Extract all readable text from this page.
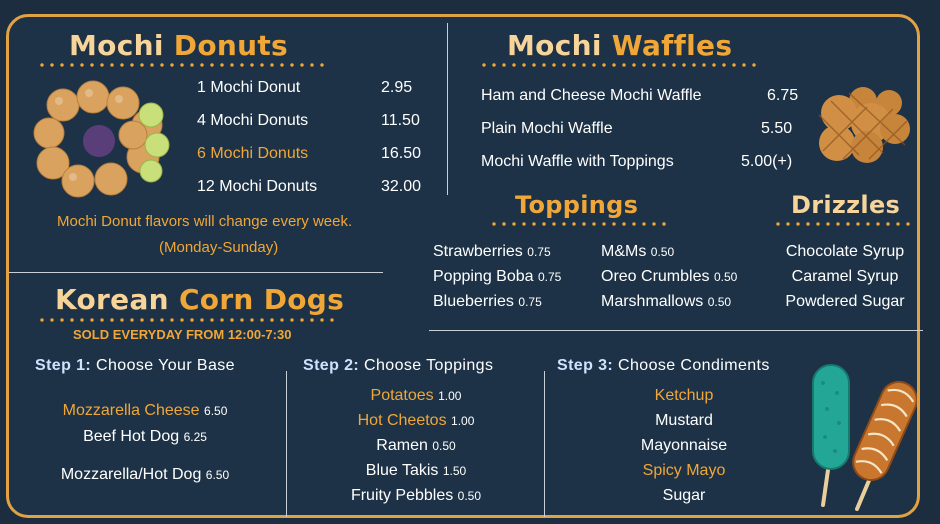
Mochi Donuts
1 Mochi Donut	2.95
4 Mochi Donuts	11.50
6 Mochi Donuts	16.50
12 Mochi Donuts	32.00
Mochi Donut flavors will change every week.
(Monday-Sunday)
Mochi Waffles
Ham and Cheese Mochi Waffle	6.75
Plain Mochi Waffle	5.50
Mochi Waffle with Toppings	5.00(+)
Toppings
Strawberries 0.75
Popping Boba 0.75
Blueberries 0.75
M&Ms 0.50
Oreo Crumbles 0.50
Marshmallows 0.50
Drizzles
Chocolate Syrup
Caramel Syrup
Powdered Sugar
Korean Corn Dogs
SOLD EVERYDAY FROM 12:00-7:30
Step 1: Choose Your Base	Step 2: Choose Toppings	Step 3: Choose Condiments
Mozzarella Cheese 6.50
Beef Hot Dog 6.25
Mozzarella/Hot Dog 6.50
Potatoes 1.00
Hot Cheetos 1.00
Ramen 0.50
Blue Takis 1.50
Fruity Pebbles 0.50
Ketchup
Mustard
Mayonnaise
Spicy Mayo
Sugar
